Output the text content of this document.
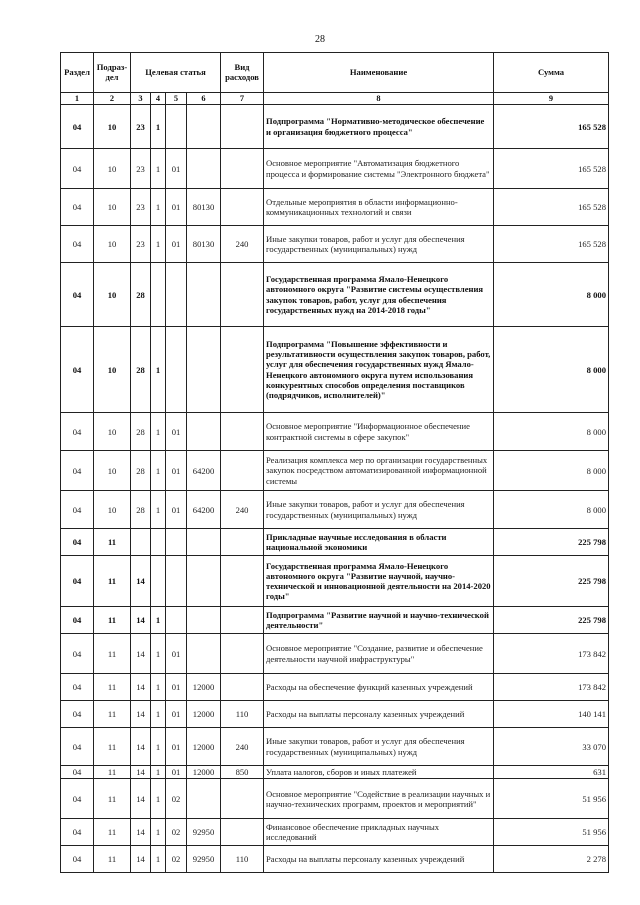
28
Раздел	Подраз-дел	Целевая статья				Вид расходов	Наименование	Сумма
1	2	3	4	5	6	7	8	9
04	10	23	1				Подпрограмма "Нормативно-методическое обеспечение и организация бюджетного процесса"	165 528
04	10	23	1	01			Основное мероприятие "Автоматизация бюджетного процесса и формирование системы "Электронного бюджета"	165 528
04	10	23	1	01	80130		Отдельные мероприятия в области информационно-коммуникационных технологий и связи	165 528
04	10	23	1	01	80130	240	Иные закупки товаров, работ и услуг для обеспечения государственных (муниципальных) нужд	165 528
04	10	28					Государственная программа Ямало-Ненецкого автономного округа "Развитие системы осуществления закупок товаров, работ, услуг для обеспечения государственных нужд на 2014-2018 годы"	8 000
04	10	28	1				Подпрограмма "Повышение эффективности и результативности осуществления закупок товаров, работ, услуг для обеспечения государственных нужд Ямало-Ненецкого автономного округа путем использования конкурентных способов определения поставщиков (подрядчиков, исполнителей)"	8 000
04	10	28	1	01			Основное мероприятие "Информационное обеспечение контрактной системы в сфере закупок"	8 000
04	10	28	1	01	64200		Реализация комплекса мер по организации государственных закупок посредством автоматизированной информационной системы	8 000
04	10	28	1	01	64200	240	Иные закупки товаров, работ и услуг для обеспечения государственных (муниципальных) нужд	8 000
04	11						Прикладные научные исследования в области национальной экономики	225 798
04	11	14					Государственная программа Ямало-Ненецкого автономного округа "Развитие научной, научно-технической и инновационной деятельности на 2014-2020 годы"	225 798
04	11	14	1				Подпрограмма "Развитие научной и научно-технической деятельности"	225 798
04	11	14	1	01			Основное мероприятие "Создание, развитие и обеспечение деятельности научной инфраструктуры"	173 842
04	11	14	1	01	12000		Расходы на обеспечение функций казенных учреждений	173 842
04	11	14	1	01	12000	110	Расходы на выплаты персоналу казенных учреждений	140 141
04	11	14	1	01	12000	240	Иные закупки товаров, работ и услуг для обеспечения государственных (муниципальных) нужд	33 070
04	11	14	1	01	12000	850	Уплата налогов, сборов и иных платежей	631
04	11	14	1	02			Основное мероприятие "Содействие в реализации научных и научно-технических программ, проектов и мероприятий"	51 956
04	11	14	1	02	92950		Финансовое обеспечение прикладных научных исследований	51 956
04	11	14	1	02	92950	110	Расходы на выплаты персоналу казенных учреждений	2 278
